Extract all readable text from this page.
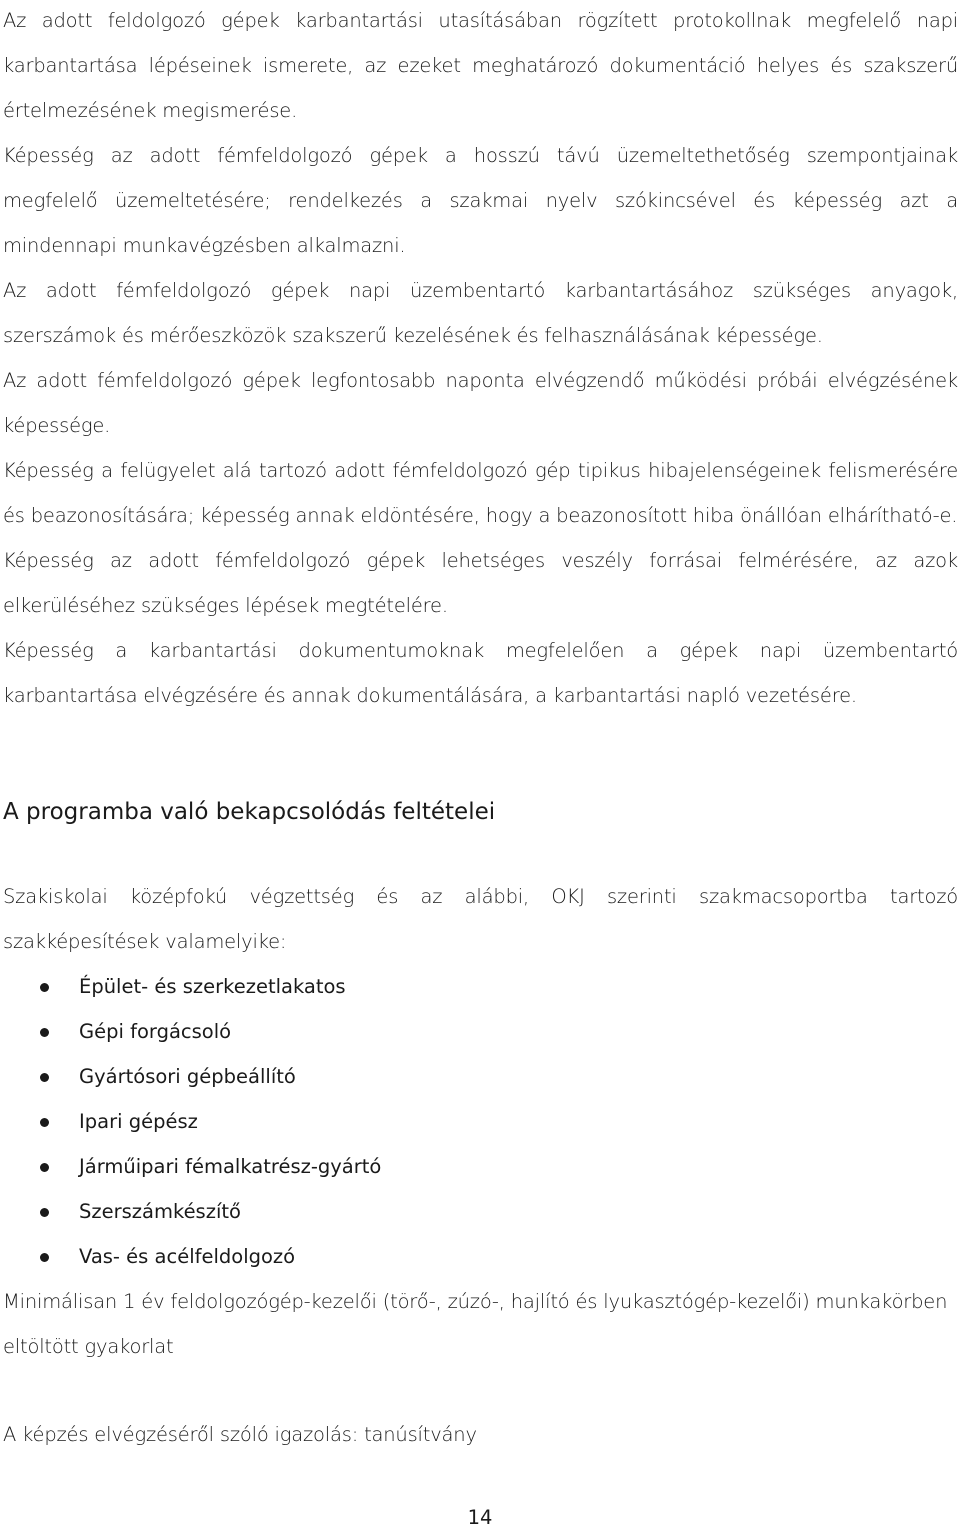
Az adott feldolgozó gépek karbantartási utasításában rögzített protokollnak megfelelő napi karbantartása lépéseinek ismerete, az ezeket meghatározó dokumentáció helyes és szakszerű értelmezésének megismerése.

Képesség az adott fémfeldolgozó gépek a hosszú távú üzemeltethetőség szempontjainak megfelelő üzemeltetésére; rendelkezés a szakmai nyelv szókincsével és képesség azt a mindennapi munkavégzésben alkalmazni.

Az adott fémfeldolgozó gépek napi üzembentartó karbantartásához szükséges anyagok, szerszámok és mérőeszközök szakszerű kezelésének és felhasználásának képessége.

Az adott fémfeldolgozó gépek legfontosabb naponta elvégzendő működési próbái elvégzésének képessége.

Képesség a felügyelet alá tartozó adott fémfeldolgozó gép tipikus hibajelenségeinek felismerésére és beazonosítására; képesség annak eldöntésére, hogy a beazonosított hiba önállóan elhárítható-e.

Képesség az adott fémfeldolgozó gépek lehetséges veszély forrásai felmérésére, az azok elkerüléséhez szükséges lépések megtételére.

Képesség a karbantartási dokumentumoknak megfelelően a gépek napi üzembentartó karbantartása elvégzésére és annak dokumentálására, a karbantartási napló vezetésére.

A programba való bekapcsolódás feltételei

Szakiskolai középfokú végzettség és az alábbi, OKJ szerinti szakmacsoportba tartozó szakképesítések valamelyike:

Épület- és szerkezetlakatos
Gépi forgácsoló
Gyártósori gépbeállító
Ipari gépész
Járműipari fémalkatrész-gyártó
Szerszámkészítő
Vas- és acélfeldolgozó

Minimálisan 1 év feldolgozógép-kezelői (törő-, zúzó-, hajlító és lyukasztógép-kezelői) munkakörben eltöltött gyakorlat

A képzés elvégzéséről szóló igazolás: tanúsítvány

14
